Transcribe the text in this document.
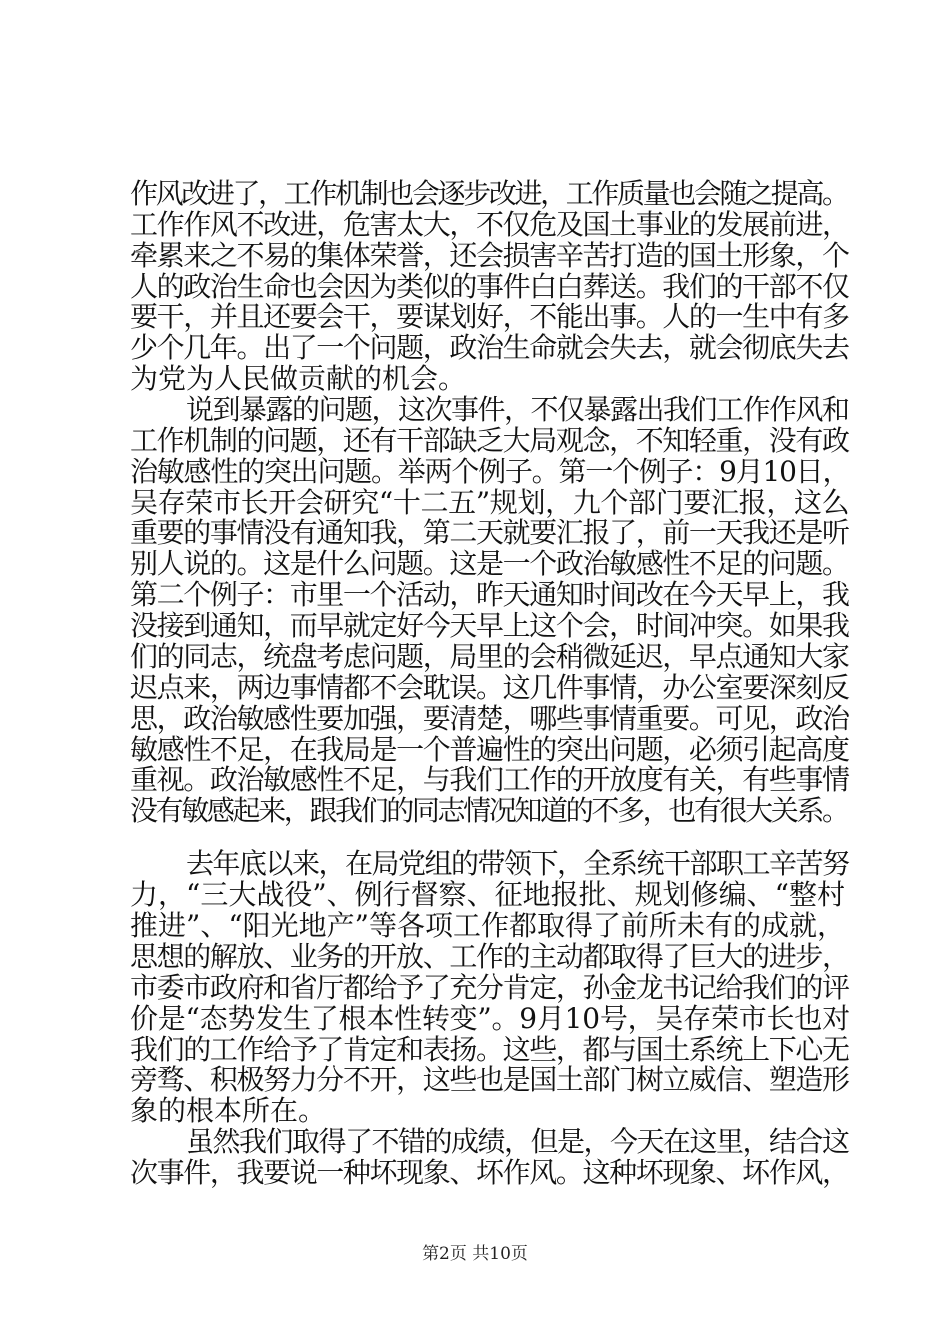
作风改进了，工作机制也会逐步改进，工作质量也会随之提高。
工作作风不改进，危害太大，不仅危及国土事业的发展前进，
牵累来之不易的集体荣誉，还会损害辛苦打造的国土形象，个
人的政治生命也会因为类似的事件白白葬送。我们的干部不仅
要干，并且还要会干，要谋划好，不能出事。人的一生中有多
少个几年。出了一个问题，政治生命就会失去，就会彻底失去
为党为人民做贡献的机会。
说到暴露的问题，这次事件，不仅暴露出我们工作作风和
工作机制的问题，还有干部缺乏大局观念，不知轻重，没有政
治敏感性的突出问题。举两个例子。第一个例子：9月10日，
吴存荣市长开会研究“十二五”规划，九个部门要汇报，这么
重要的事情没有通知我，第二天就要汇报了，前一天我还是听
别人说的。这是什么问题。这是一个政治敏感性不足的问题。
第二个例子：市里一个活动，昨天通知时间改在今天早上，我
没接到通知，而早就定好今天早上这个会，时间冲突。如果我
们的同志，统盘考虑问题，局里的会稍微延迟，早点通知大家
迟点来，两边事情都不会耽误。这几件事情，办公室要深刻反
思，政治敏感性要加强，要清楚，哪些事情重要。可见，政治
敏感性不足，在我局是一个普遍性的突出问题，必须引起高度
重视。政治敏感性不足，与我们工作的开放度有关，有些事情
没有敏感起来，跟我们的同志情况知道的不多，也有很大关系。
去年底以来，在局党组的带领下，全系统干部职工辛苦努
力，“三大战役”、例行督察、征地报批、规划修编、“整村
推进”、“阳光地产”等各项工作都取得了前所未有的成就，
思想的解放、业务的开放、工作的主动都取得了巨大的进步，
市委市政府和省厅都给予了充分肯定，孙金龙书记给我们的评
价是“态势发生了根本性转变”。9月10号，吴存荣市长也对
我们的工作给予了肯定和表扬。这些，都与国土系统上下心无
旁骛、积极努力分不开，这些也是国土部门树立威信、塑造形
象的根本所在。
虽然我们取得了不错的成绩，但是，今天在这里，结合这
次事件，我要说一种坏现象、坏作风。这种坏现象、坏作风，
第2页 共10页
